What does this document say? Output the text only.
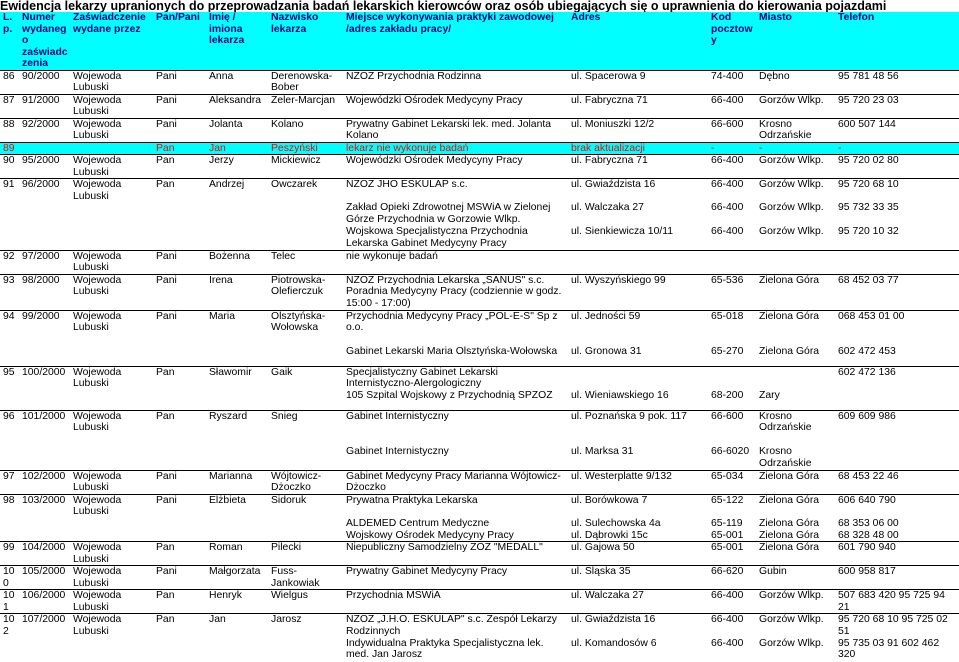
Ewidencja lekarzy upranionych do przeprowadzania badań lekarskich kierowców oraz osób ubiegających się o uprawnienia do kierowania pojazdami
L.p.	Numer wydanego zaświadczenia	Zaświadczenie wydane przez	Pan/Pani	Imię / imiona lekarza	Nazwisko lekarza	Miejsce wykonywania praktyki zawodowej /adres zakładu pracy/	Adres	Kod pocztowy	Miasto	Telefon
86	90/2000	Wojewoda Lubuski	Pani	Anna	Derenowska-Bober	NZOZ Przychodnia Rodzinna	ul. Spacerowa 9	74-400	Dębno	95 781 48 56
87	91/2000	Wojewoda Lubuski	Pani	Aleksandra	Zeler-Marcjan	Wojewódzki Ośrodek Medycyny Pracy	ul. Fabryczna 71	66-400	Gorzów Wlkp.	95 720 23 03
88	92/2000	Wojewoda Lubuski	Pani	Jolanta	Kolano	Prywatny Gabinet Lekarski lek. med. Jolanta Kolano	ul. Moniuszki 12/2	66-600	Krosno Odrzańskie	600 507 144
89			Pan	Jan	Peszyński	lekarz nie wykonuje badań	brak aktualizacji	-	-	-
90	95/2000	Wojewoda Lubuski	Pan	Jerzy	Mickiewicz	Wojewódzki Ośrodek Medycyny Pracy	ul. Fabryczna 71	66-400	Gorzów Wlkp.	95 720 02 80
91	96/2000	Wojewoda Lubuski	Pan	Andrzej	Owczarek	NZOZ JHO ESKULAP s.c.	ul. Gwiaździsta 16	66-400	Gorzów Wlkp.	95 720 68 10
						Zakład Opieki Zdrowotnej MSWiA w Zielonej Górze Przychodnia w Gorzowie Wlkp.	ul. Walczaka 27	66-400	Gorzów Wlkp.	95 732 33 35
						Wojskowa Specjalistyczna Przychodnia Lekarska Gabinet Medycyny Pracy	ul. Sienkiewicza 10/11	66-400	Gorzów Wlkp.	95 720 10 32
92	97/2000	Wojewoda Lubuski	Pani	Bożenna	Telec	nie wykonuje badań				
93	98/2000	Wojewoda Lubuski	Pani	Irena	Piotrowska-Olefierczuk	NZOZ Przychodnia Lekarska „SANUS" s.c. Poradnia Medycyny Pracy (codziennie w godz. 15:00 - 17:00)	ul. Wyszyńskiego 99	65-536	Zielona Góra	68 452 03 77
94	99/2000	Wojewoda Lubuski	Pani	Maria	Olsztyńska-Wołowska	Przychodnia Medycyny Pracy „POL-E-S" Sp z o.o.	ul. Jedności 59	65-018	Zielona Góra	068 453 01 00
						Gabinet Lekarski Maria Olsztyńska-Wołowska	ul. Gronowa 31	65-270	Zielona Góra	602 472 453
95	100/2000	Wojewoda Lubuski	Pan	Sławomir	Gaik	Specjalistyczny Gabinet Lekarski Internistyczno-Alergologiczny				602 472 136
						105 Szpital Wojskowy z Przychodnią SPZOZ	ul. Wieniawskiego 16	68-200	Żary	
96	101/2000	Wojewoda Lubuski	Pan	Ryszard	Śnieg	Gabinet Internistyczny	ul. Poznańska 9 pok. 117	66-600	Krosno Odrzańskie	609 609 986
						Gabinet Internistyczny	ul. Marksa 31	66-6020	Krosno Odrzańskie	
97	102/2000	Wojewoda Lubuski	Pani	Marianna	Wójtowicz-Dżoczko	Gabinet Medycyny Pracy Marianna Wójtowicz-Dżoczko	ul. Westerplatte 9/132	65-034	Zielona Góra	68 453 22 46
98	103/2000	Wojewoda Lubuski	Pani	Elżbieta	Sidoruk	Prywatna Praktyka Lekarska	ul. Borówkowa 7	65-122	Zielona Góra	606 640 790
						ALDEMED Centrum Medyczne	ul. Sulechowska 4a	65-119	Zielona Góra	68 353 06 00
						Wojskowy Ośrodek Medycyny Pracy	ul. Dąbrowki 15c	65-001	Zielona Góra	68 328 48 00
99	104/2000	Wojewoda Lubuski	Pan	Roman	Pilecki	Niepubliczny Samodzielny ZOZ "MEDALL"	ul. Gajowa 50	65-001	Zielona Góra	601 790 940
100	105/2000	Wojewoda Lubuski	Pani	Małgorzata	Fuss-Jankowiak	Prywatny Gabinet Medycyny Pracy	ul. Śląska 35	66-620	Gubin	600 958 817
101	106/2000	Wojewoda Lubuski	Pan	Henryk	Wielgus	Przychodnia MSWiA	ul. Walczaka 27	66-400	Gorzów Wlkp.	507 683 420 95 725 94 21
102	107/2000	Wojewoda Lubuski	Pan	Jan	Jarosz	NZOZ „J.H.O. ESKULAP" s.c. Zespół Lekarzy Rodzinnych	ul. Gwiaździsta 16	66-400	Gorzów Wlkp.	95 720 68 10 95 725 02 51
						Indywidualna Praktyka Specjalistyczna lek. med. Jan Jarosz	ul. Komandosów 6	66-400	Gorzów Wlkp.	95 735 03 91 602 462 320
